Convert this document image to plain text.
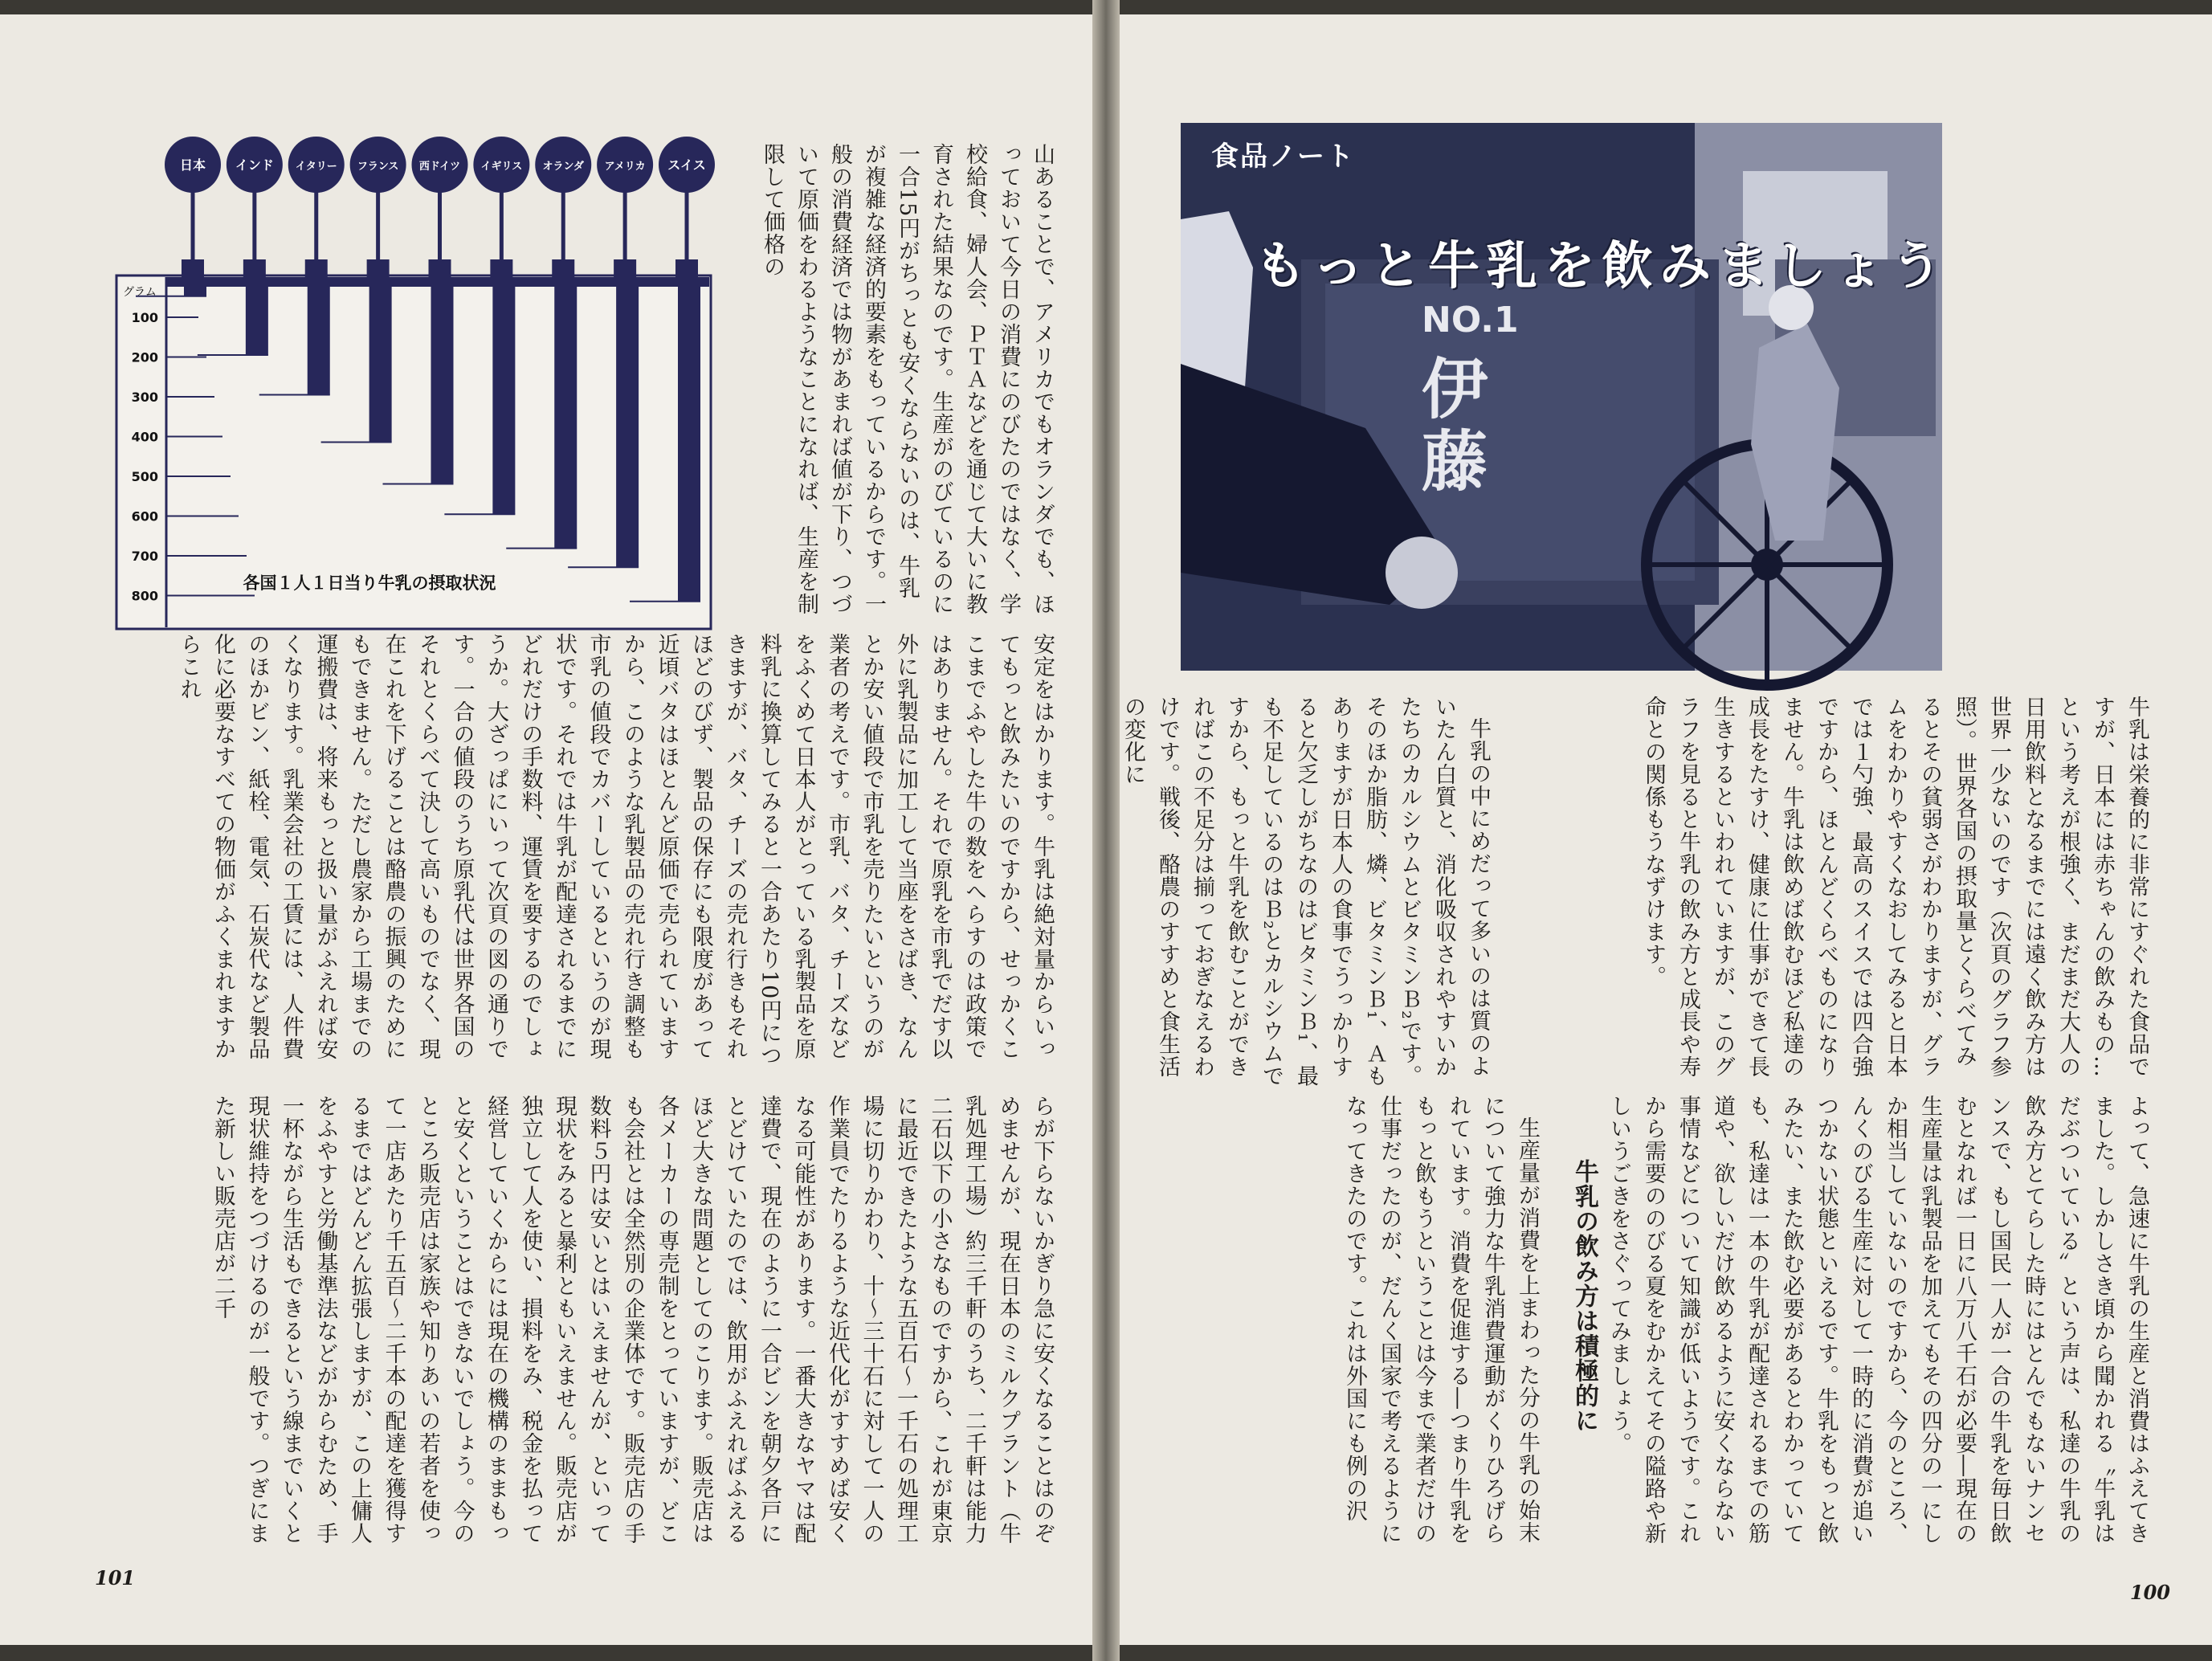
グラム
100
200
300
400
500
600
700
800
日本 インド イタリー フランス 西ドイツ イギリス オランダ アメリカ スイス
各国１人１日当り牛乳の摂取状況	山あることで、アメリカでもオランダでも、ほっておいて今日の消費にのびたのではなく、学校給食、婦人会、ＰＴＡなどを通じて大いに教育された結果なのです。生産がのびているのに一合15円がちっとも安くならないのは、牛乳が複雑な経済的要素をもっているからです。一般の消費経済では物があまれば値が下り、つづいて原価をわるようなことになれば、生産を制限して価格の

安定をはかります。牛乳は絶対量からいってもっと飲みたいのですから、せっかくここまでふやした牛の数をへらすのは政策ではありません。それで原乳を市乳でだす以外に乳製品に加工して当座をさばき、なんとか安い値段で市乳を売りたいというのが業者の考えです。市乳、バタ、チーズなどをふくめて日本人がとっている乳製品を原料乳に換算してみると一合あたり10円につきますが、バタ、チーズの売れ行きもそれほどのびず、製品の保存にも限度があって近頃バタはほとんど原価で売られていますから、このような乳製品の売れ行き調整も市乳の値段でカバーしているというのが現状です。それでは牛乳が配達されるまでにどれだけの手数料、運賃を要するのでしょうか。大ざっぱにいって次頁の図の通りです。一合の値段のうち原乳代は世界各国のそれとくらべて決して高いものでなく、現在これを下げることは酪農の振興のためにもできません。ただし農家から工場までの運搬費は、将来もっと扱い量がふえれば安くなります。乳業会社の工賃には、人件費のほかビン、紙栓、電気、石炭代など製品化に必要なすべての物価がふくまれますからこれ

らが下らないかぎり急に安くなることはのぞめませんが、現在日本のミルクプラント（牛乳処理工場）約三千軒のうち、二千軒は能力二石以下の小さなものですから、これが東京に最近できたような五百石～一千石の処理工場に切りかわり、十～三十石に対して一人の作業員でたりるような近代化がすすめば安くなる可能性があります。一番大きなヤマは配達費で、現在のように一合ビンを朝夕各戸にとどけていたのでは、飲用がふえればふえるほど大きな問題としてのこります。販売店は各メーカーの専売制をとっていますが、どこも会社とは全然別の企業体です。販売店の手数料５円は安いとはいえませんが、といって現状をみると暴利ともいえません。販売店が独立して人を使い、損料をみ、税金を払って経営していくからには現在の機構のままもっと安くということはできないでしょう。今のところ販売店は家族や知りあいの若者を使って一店あたり千五百～二千本の配達を獲得するまではどんどん拡張しますが、この上傭人をふやすと労働基準法などがからむため、手一杯ながら生活もできるという線までいくと現状維持をつづけるのが一般です。つぎにまた新しい販売店が二千

101
NO.1
伊
藤
食品ノート
もっと牛乳を飲みましょう

牛乳は栄養的に非常にすぐれた食品ですが、日本には赤ちゃんの飲みもの…という考えが根強く、まだまだ大人の日用飲料となるまでには遠く飲み方は世界一少ないのです（次頁のグラフ参照）。世界各国の摂取量とくらべてみるとその貧弱さがわかりますが、グラムをわかりやすくなおしてみると日本では１勺強、最高のスイスでは四合強ですから、ほとんどくらべものになりません。牛乳は飲めば飲むほど私達の成長をたすけ、健康に仕事ができて長生きするといわれていますが、このグラフを見ると牛乳の飲み方と成長や寿命との関係もうなずけます。

牛乳の中にめだって多いのは質のよいたん白質と、消化吸収されやすいかたちのカルシウムとビタミンＢ₂です。そのほか脂肪、燐、ビタミンＢ₁、Ａもありますが日本人の食事でうっかりすると欠乏しがちなのはビタミンＢ₁、最も不足しているのはＢ₂とカルシウムですから、もっと牛乳を飲むことができればこの不足分は揃っておぎなえるわけです。戦後、酪農のすすめと食生活の変化に

よって、急速に牛乳の生産と消費はふえてきました。しかしさき頃から聞かれる〝牛乳はだぶついている〟という声は、私達の牛乳の飲み方とてらした時にはとんでもないナンセンスで、もし国民一人が一合の牛乳を毎日飲むとなれば一日に八万八千石が必要―現在の生産量は乳製品を加えてもその四分の一にしか相当していないのですから、今のところ、んくのびる生産に対して一時的に消費が追いつかない状態といえるです。牛乳をもっと飲みたい、また飲む必要があるとわかっていても、私達は一本の牛乳が配達されるまでの筋道や、欲しいだけ飲めるように安くならない事情などについて知識が低いようです。これから需要ののびる夏をむかえてその隘路や新しいうごきをさぐってみましょう。

牛乳の飲み方は積極的に

生産量が消費を上まわった分の牛乳の始末について強力な牛乳消費運動がくりひろげられています。消費を促進する―つまり牛乳をもっと飲もうということは今まで業者だけの仕事だったのが、だんく国家で考えるようになってきたのです。これは外国にも例の沢

100
